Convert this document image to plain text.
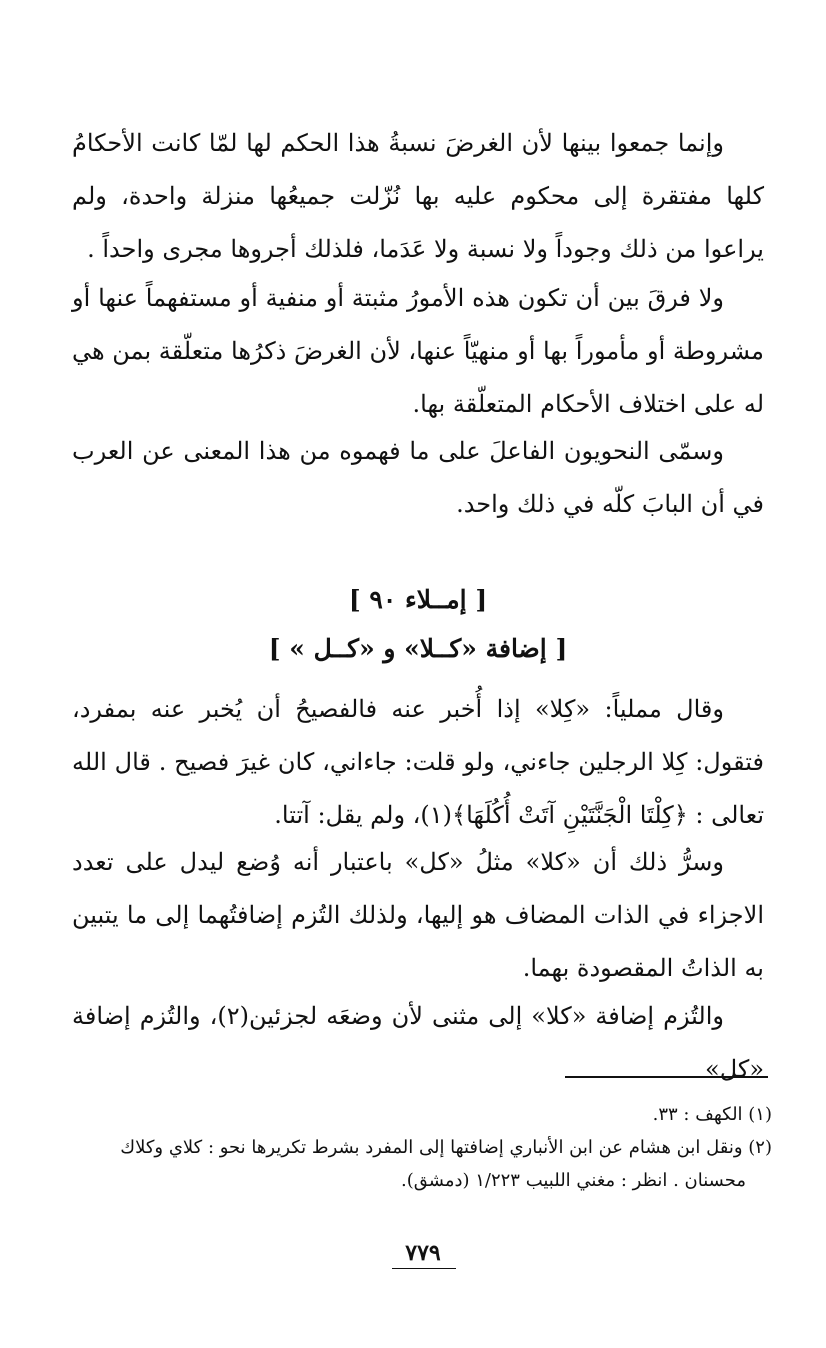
وإنما جمعوا بينها لأن الغرضَ نسبةُ هذا الحكم لها لمّا كانت الأحكامُ كلها مفتقرة إلى محكوم عليه بها نُزّلت جميعُها منزلة واحدة، ولم يراعوا من ذلك وجوداً ولا نسبة ولا عَدَما، فلذلك أجروها مجرى واحداً .

ولا فرقَ بين أن تكون هذه الأمورُ مثبتة أو منفية أو مستفهماً عنها أو مشروطة أو مأموراً بها أو منهيّاً عنها، لأن الغرضَ ذكرُها متعلّقة بمن هي له على اختلاف الأحكام المتعلّقة بها.

وسمّى النحويون الفاعلَ على ما فهموه من هذا المعنى عن العرب في أن البابَ كلّه في ذلك واحد.

[ إمــلاء ٩٠ ]
[ إضافة «كــلا» و «كــل » ]

وقال مملياً: «كِلا» إذا أُخبر عنه فالفصيحُ أن يُخبر عنه بمفرد، فتقول: كِلا الرجلين جاءني، ولو قلت: جاءاني، كان غيرَ فصيح . قال الله تعالى : ﴿كِلْتَا الْجَنَّتَيْنِ آتَتْ أُكُلَهَا﴾(١)، ولم يقل: آتتا.

وسرُّ ذلك أن «كلا» مثلُ «كل» باعتبار أنه وُضع ليدل على تعدد الاجزاء في الذات المضاف هو إليها، ولذلك التُزم إضافتُهما إلى ما يتبين به الذاتُ المقصودة بهما.

والتُزم إضافة «كلا» إلى مثنى لأن وضعَه لجزئين(٢)، والتُزم إضافة «كل»

(١) الكهف : ٣٣.

(٢) ونقل ابن هشام عن ابن الأنباري إضافتها إلى المفرد بشرط تكريرها نحو : كلاي وكلاك

محسنان . انظر : مغني اللبيب ١/٢٢٣ (دمشق).

٧٧٩
